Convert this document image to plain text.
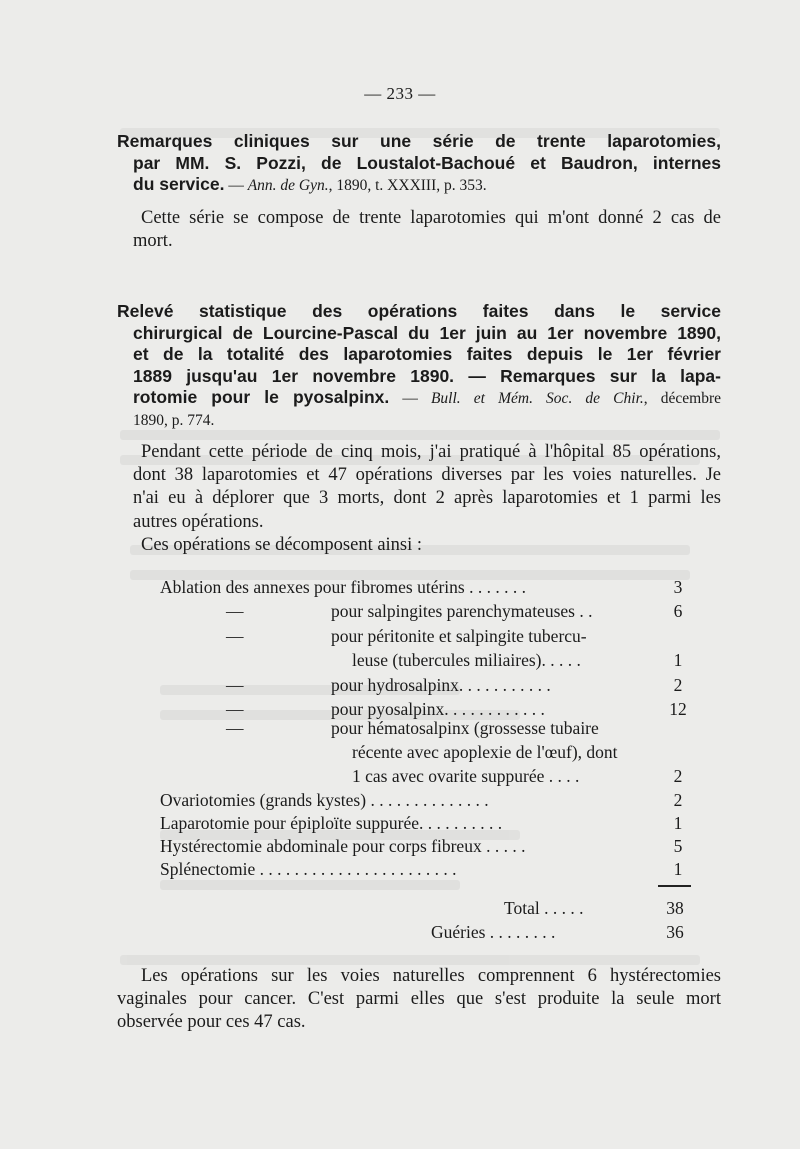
— 233 —
Remarques cliniques sur une série de trente laparotomies,
par MM. S. Pozzi, de Loustalot-Bachoué et Baudron, internes
du service. — Ann. de Gyn., 1890, t. XXXIII, p. 353.
Cette série se compose de trente ‌laparotomies qui m'ont donné 2 cas de
mort.
Relevé statistique des opérations faites dans le service
chirurgical de Lourcine-Pascal du 1er juin au 1er novembre 1890,
et de la totalité des laparotomies faites depuis le 1er février
1889 jusqu'au 1er novembre 1890. — Remarques sur la lapa-
rotomie pour le pyosalpinx. — Bull. et Mém. Soc. de Chir., décembre
1890, p. 774.
Pendant cette période de cinq mois, j'ai pratiqué à l'hôpital 85 opérations,
dont 38 laparotomies et 47 opérations diverses par les voies naturelles. Je
n'ai eu à déplorer que 3 morts, dont 2 après laparotomies et 1 parmi les
autres opérations.
Ces opérations se décomposent ainsi :
Ablation des annexes pour fibromes utérins . . . . . . .	3
—	pour salpingites parenchymateuses . .	6
—	pour péritonite et salpingite tubercu-
leuse (tubercules miliaires). . . . .	1
—	pour hydrosalpinx. . . . . . . . . . .	2
—	pour pyosalpinx. . . . . . . . . . . .	12
—	pour hématosalpinx (grossesse tubaire
récente avec apoplexie de l'œuf), dont
1 cas avec ovarite suppurée . . . .	2
Ovariotomies (grands kystes) . . . . . . . . . . . . . .	2
Laparotomie pour épiploïte suppurée. . . . . . . . . .	1
Hystérectomie abdominale pour corps fibreux . . . . .	5
Splénectomie . . . . . . . . . . . . . . . . . . . . . . .	1
Total . . . . .	38
Guéries . . . . . . . .	36
Les opérations sur les voies naturelles comprennent 6 hystérectomies
vaginales pour cancer. C'est parmi elles que s'est produite la seule mort
observée pour ces 47 cas.
